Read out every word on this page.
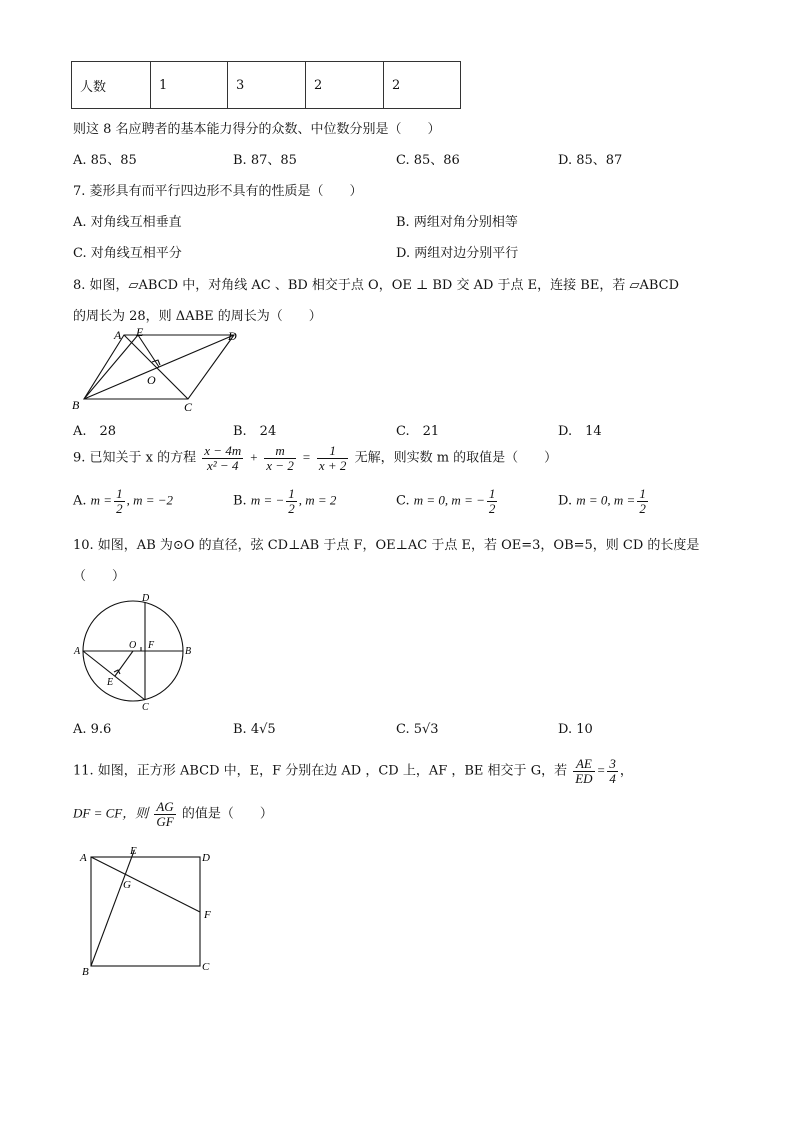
人数	1	3	2	2
则这 8 名应聘者的基本能力得分的众数、中位数分别是（　　）
A. 85、85	B. 87、85	C. 85、86	D. 85、87
7. 菱形具有而平行四边形不具有的性质是（　　）
A. 对角线互相垂直	B. 两组对角分别相等
C. 对角线互相平分	D. 两组对边分别平行
8. 如图，▱ABCD 中，对角线 AC 、BD 相交于点 O，OE ⊥ BD 交 AD 于点 E，连接 BE，若 ▱ABCD
的周长为 28，则 ΔABE 的周长为（　　）
A E	D
O
B	C
A.　28	B.　24	C.　21	D.　14
9. 已知关于 x 的方程 $\frac{x - 4m}{\text{x² − 4}} + \frac{m}{x - 2} = \frac{1}{x + 2}$ 无解，则实数 m 的取值是（　　）
A. $m = \frac{1}{2}$ , m = −2	B. m = − $\frac{1}{2}$ , m = 2	C. m = 0, m = − $\frac{1}{2}$	D. m = 0, $m = \frac{1}{2}$
10. 如图，AB 为⊙O 的直径，弦 CD⊥AB 于点 F，OE⊥AC 于点 E，若 OE=3，OB=5，则 CD 的长度是
（　　）
D
A
O F
B
E
C
A. 9.6	B. 4√5	C. 5√3	D. 10
11. 如图，正方形 ABCD 中，E，F 分别在边 AD ，CD 上，AF ，BE 相交于 G，若 $\frac{AE}{ED} = \frac{3}{4}$ ，
DF = CF，则 $\frac{AG}{GF}$ 的值是（　　）
A
E
D
G
F
B	C
